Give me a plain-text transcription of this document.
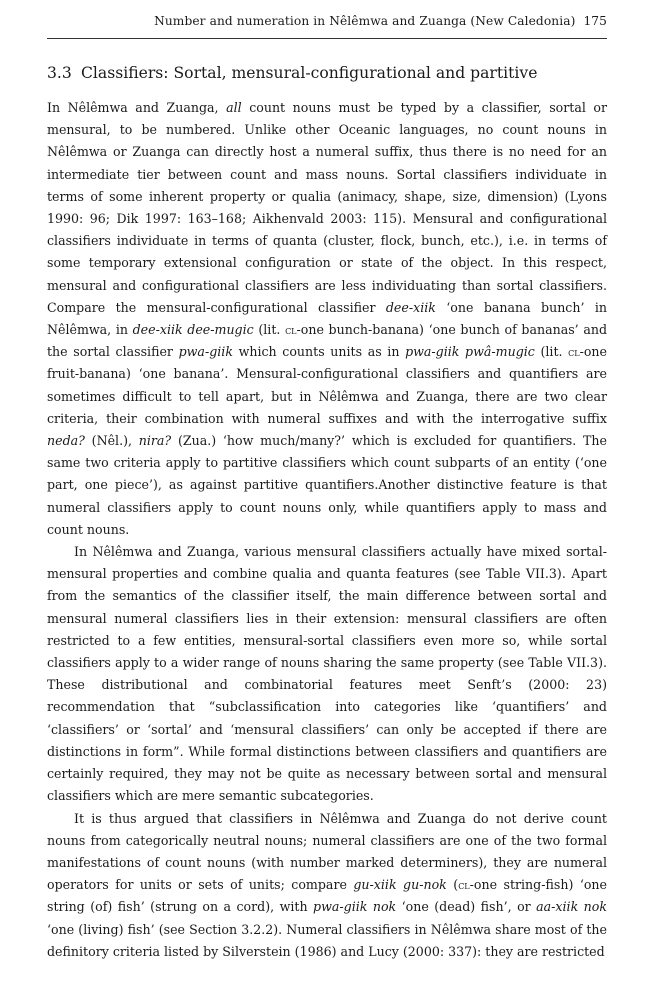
Number and numeration in Nêlêmwa and Zuanga (New Caledonia) 175
3.3 Classifiers: Sortal, mensural-configurational and partitive

In Nêlêmwa and Zuanga, all count nouns must be typed by a classifier, sortal or mensural, to be numbered. Unlike other Oceanic languages, no count nouns in Nêlêmwa or Zuanga can directly host a numeral suffix, thus there is no need for an intermediate tier between count and mass nouns. Sortal classifiers individuate in terms of some inherent property or qualia (animacy, shape, size, dimension) (Lyons 1990: 96; Dik 1997: 163–168; Aikhenvald 2003: 115). Mensural and configurational classifiers individuate in terms of quanta (cluster, flock, bunch, etc.), i.e. in terms of some temporary extensional configuration or state of the object. In this respect, mensural and configurational classifiers are less individuating than sortal classifiers. Compare the mensural-configurational classifier dee-xiik ‘one banana bunch’ in Nêlêmwa, in dee-xiik dee-mugic (lit. cl-one bunch-banana) ‘one bunch of bananas’ and the sortal classifier pwa-giik which counts units as in pwa-giik pwâ-mugic (lit. cl-one fruit-banana) ‘one banana’. Mensural-configurational classifiers and quantifiers are sometimes difficult to tell apart, but in Nêlêmwa and Zuanga, there are two clear criteria, their combination with numeral suffixes and with the interrogative suffix neda? (Nêl.), nira? (Zua.) ‘how much/many?’ which is excluded for quantifiers. The same two criteria apply to partitive classifiers which count subparts of an entity (‘one part, one piece’), as against partitive quantifiers.Another distinctive feature is that numeral classifiers apply to count nouns only, while quantifiers apply to mass and count nouns.

In Nêlêmwa and Zuanga, various mensural classifiers actually have mixed sortal-mensural properties and combine qualia and quanta features (see Table VII.3). Apart from the semantics of the classifier itself, the main difference between sortal and mensural numeral classifiers lies in their extension: mensural classifiers are often restricted to a few entities, mensural-sortal classifiers even more so, while sortal classifiers apply to a wider range of nouns sharing the same property (see Table VII.3). These distributional and combinatorial features meet Senft’s (2000: 23) recommendation that “subclassification into categories like ‘quantifiers’ and ‘classifiers’ or ‘sortal’ and ‘mensural classifiers’ can only be accepted if there are distinctions in form”. While formal distinctions between classifiers and quantifiers are certainly required, they may not be quite as necessary between sortal and mensural classifiers which are mere semantic subcategories.

It is thus argued that classifiers in Nêlêmwa and Zuanga do not derive count nouns from categorically neutral nouns; numeral classifiers are one of the two formal manifestations of count nouns (with number marked determiners), they are numeral operators for units or sets of units; compare gu-xiik gu-nok (cl-one string-fish) ‘one string (of) fish’ (strung on a cord), with pwa-giik nok ‘one (dead) fish’, or aa-xiik nok ‘one (living) fish’ (see Section 3.2.2). Numeral classifiers in Nêlêmwa share most of the definitory criteria listed by Silverstein (1986) and Lucy (2000: 337): they are restricted
